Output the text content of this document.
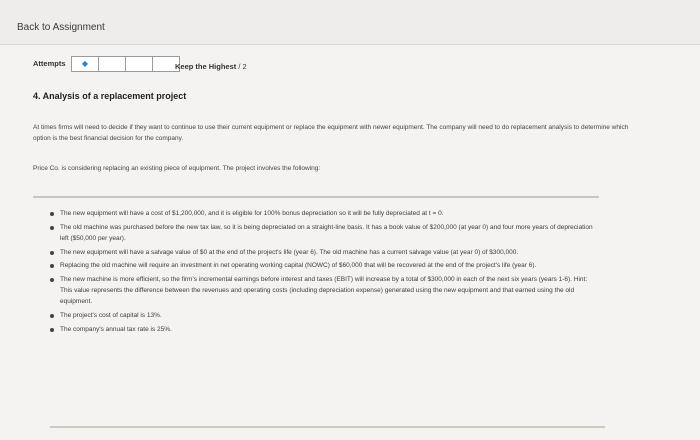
Back to Assignment
Attempts ◆	Keep the Highest / 2
4. Analysis of a replacement project
At times firms will need to decide if they want to continue to use their current equipment or replace the equipment with newer equipment. The company will need to do replacement analysis to determine which option is the best financial decision for the company.
Price Co. is considering replacing an existing piece of equipment. The project involves the following:
The new equipment will have a cost of $1,200,000, and it is eligible for 100% bonus depreciation so it will be fully depreciated at t = 0.
The old machine was purchased before the new tax law, so it is being depreciated on a straight-line basis. It has a book value of $200,000 (at year 0) and four more years of depreciation left ($50,000 per year).
The new equipment will have a salvage value of $0 at the end of the project's life (year 6). The old machine has a current salvage value (at year 0) of $300,000.
Replacing the old machine will require an investment in net operating working capital (NOWC) of $60,000 that will be recovered at the end of the project's life (year 6).
The new machine is more efficient, so the firm's incremental earnings before interest and taxes (EBIT) will increase by a total of $300,000 in each of the next six years (years 1-6). Hint: This value represents the difference between the revenues and operating costs (including depreciation expense) generated using the new equipment and that earned using the old equipment.
The project's cost of capital is 13%.
The company's annual tax rate is 25%.
